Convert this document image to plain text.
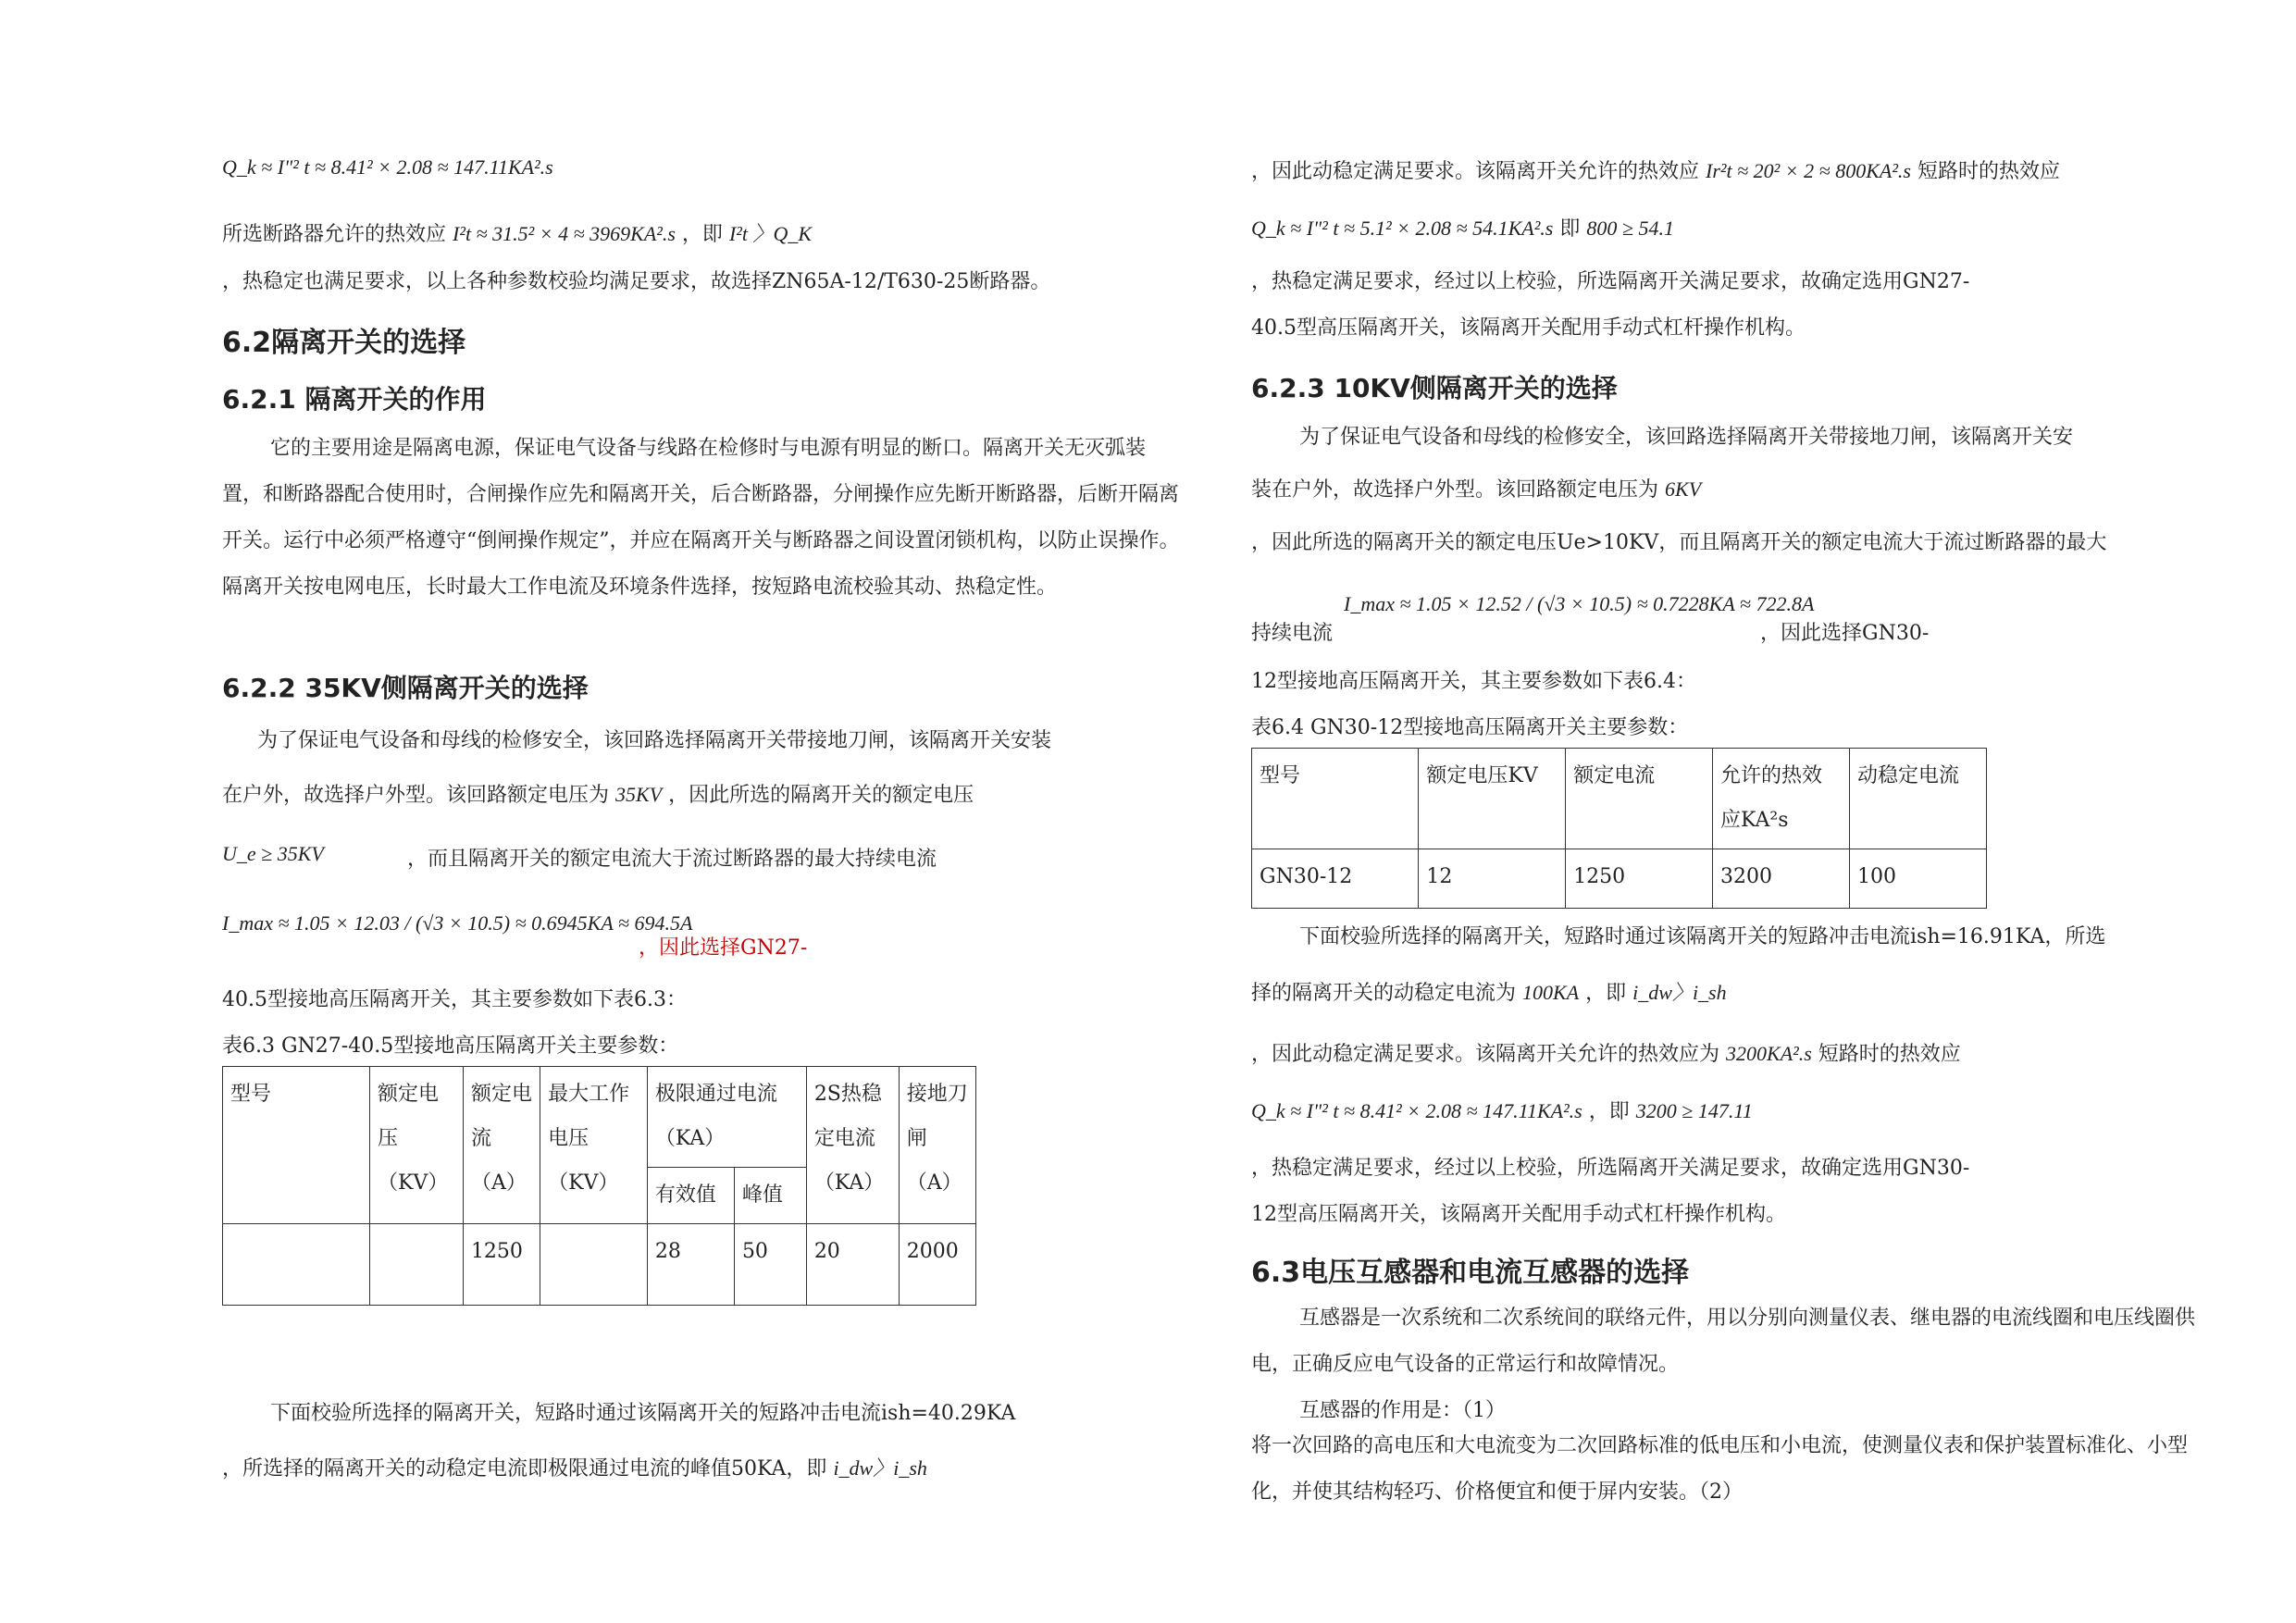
Q_k ≈ I"² t ≈ 8.41² × 2.08 ≈ 147.11KA².s
所选断路器允许的热效应 I²t ≈ 31.5² × 4 ≈ 3969KA².s ，即 I²t 〉Q_K
，热稳定也满足要求，以上各种参数校验均满足要求，故选择ZN65A-12/T630-25断路器。
6.2隔离开关的选择
6.2.1 隔离开关的作用
它的主要用途是隔离电源，保证电气设备与线路在检修时与电源有明显的断口。隔离开关无灭弧装置，和断路器配合使用时，合闸操作应先和隔离开关，后合断路器，分闸操作应先断开断路器，后断开隔离开关。运行中必须严格遵守“倒闸操作规定”，并应在隔离开关与断路器之间设置闭锁机构，以防止误操作。隔离开关按电网电压，长时最大工作电流及环境条件选择，按短路电流校验其动、热稳定性。
6.2.2 35KV侧隔离开关的选择
为了保证电气设备和母线的检修安全，该回路选择隔离开关带接地刀闸，该隔离开关安装
在户外，故选择户外型。该回路额定电压为 35KV ，因此所选的隔离开关的额定电压
U_e ≥ 35KV	，而且隔离开关的额定电流大于流过断路器的最大持续电流
I_max ≈ 1.05 × 12.03 / (√3 × 10.5) ≈ 0.6945KA ≈ 694.5A
，因此选择GN27-
40.5型接地高压隔离开关，其主要参数如下表6.3：
表6.3 GN27-40.5型接地高压隔离开关主要参数：
型号	额定电压（KV）	额定电流（A）	最大工作电压（KV）	极限通过电流（KA）		2S热稳定电流（KA）	接地刀闸（A）
				有效值	峰值		
		1250		28	50	20	2000
下面校验所选择的隔离开关，短路时通过该隔离开关的短路冲击电流ish=40.29KA
，所选择的隔离开关的动稳定电流即极限通过电流的峰值50KA，即 i_dw〉i_sh
，因此动稳定满足要求。该隔离开关允许的热效应 Ir²t ≈ 20² × 2 ≈ 800KA².s 短路时的热效应
Q_k ≈ I"² t ≈ 5.1² × 2.08 ≈ 54.1KA².s 即 800 ≥ 54.1
，热稳定满足要求，经过以上校验，所选隔离开关满足要求，故确定选用GN27-
40.5型高压隔离开关，该隔离开关配用手动式杠杆操作机构。
6.2.3 10KV侧隔离开关的选择
为了保证电气设备和母线的检修安全，该回路选择隔离开关带接地刀闸，该隔离开关安
装在户外，故选择户外型。该回路额定电压为 6KV
，因此所选的隔离开关的额定电压Ue>10KV，而且隔离开关的额定电流大于流过断路器的最大
I_max ≈ 1.05 × 12.52 / (√3 × 10.5) ≈ 0.7228KA ≈ 722.8A
持续电流	，因此选择GN30-
12型接地高压隔离开关，其主要参数如下表6.4：
表6.4 GN30-12型接地高压隔离开关主要参数：
型号	额定电压KV	额定电流	允许的热效应KA²s	动稳定电流
GN30-12	12	1250	3200	100
下面校验所选择的隔离开关，短路时通过该隔离开关的短路冲击电流ish=16.91KA，所选
择的隔离开关的动稳定电流为 100KA ，即 i_dw〉i_sh
，因此动稳定满足要求。该隔离开关允许的热效应为 3200KA².s 短路时的热效应
Q_k ≈ I"² t ≈ 8.41² × 2.08 ≈ 147.11KA².s ，即 3200 ≥ 147.11
，热稳定满足要求，经过以上校验，所选隔离开关满足要求，故确定选用GN30-
12型高压隔离开关，该隔离开关配用手动式杠杆操作机构。
6.3电压互感器和电流互感器的选择
互感器是一次系统和二次系统间的联络元件，用以分别向测量仪表、继电器的电流线圈和电压线圈供电，正确反应电气设备的正常运行和故障情况。
互感器的作用是：（1）
将一次回路的高电压和大电流变为二次回路标准的低电压和小电流，使测量仪表和保护装置标准化、小型化，并使其结构轻巧、价格便宜和便于屏内安装。（2）
